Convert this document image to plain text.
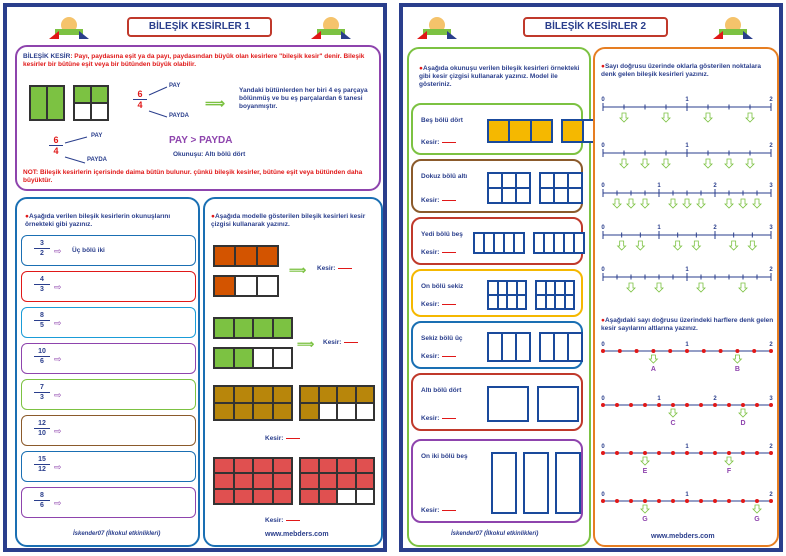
BİLEŞİK KESİRLER 1
BİLEŞİK KESİR: Payı, paydasına eşit ya da payı, paydasından büyük olan kesirlere "bileşik kesir" denir. Bileşik kesirler bir bütüne eşit veya bir bütünden büyük olabilir.
6
4
PAY
PAYDA
⟹
Yandaki bütünlerden her biri 4 eş parçaya bölünmüş ve bu eş parçalardan 6 tanesi boyanmıştır.
6
4
PAY
PAYDA
PAY > PAYDA
Okunuşu: Altı bölü dört
NOT: Bileşik kesirlerin içerisinde daima bütün bulunur. çünkü bileşik kesirler, bütüne eşit veya bütünden daha büyüktür.
●Aşağıda verilen bileşik kesirlerin okunuşlarını örnekteki gibi yazınız.
3
2	⇨ Üç bölü iki
4
3	⇨
8
5	⇨
10
6	⇨
7
3	⇨
12
10 ⇨
15
12 ⇨
8
6	⇨
●Aşağıda modelle gösterilen bileşik kesirleri kesir çizgisi kullanarak yazınız.
⟹ Kesir:
⟹ Kesir:
Kesir:
Kesir:
www.mebders.com
İskender07 (İlkokul etkinlikleri)
BİLEŞİK KESİRLER 2
●Aşağıda okunuşu verilen bileşik kesirleri örnekteki gibi kesir çizgisi kullanarak yazınız. Model ile gösteriniz.
Beş bölü dört
Kesir:
Dokuz bölü altı
Kesir:
Yedi bölü beş
Kesir:
On bölü sekiz
Kesir:
Sekiz bölü üç
Kesir:
Altı bölü dört
Kesir:
On iki bölü beş
Kesir:
İskender07 (İlkokul etkinlikleri)
●Sayı doğrusu üzerinde oklarla gösterilen noktalara denk gelen bileşik kesirleri yazınız.
●Aşağıdaki sayı doğrusu üzerindeki harflere denk gelen kesir sayılarını altlarına yazınız.
0	1	2
0	1	2
0	1	2	3
0	1	2	3
0	1	2
0	1	2
A	B
0	1	2	3
C	D
0	1	2
E	F
0	1	2
G	G
www.mebders.com
